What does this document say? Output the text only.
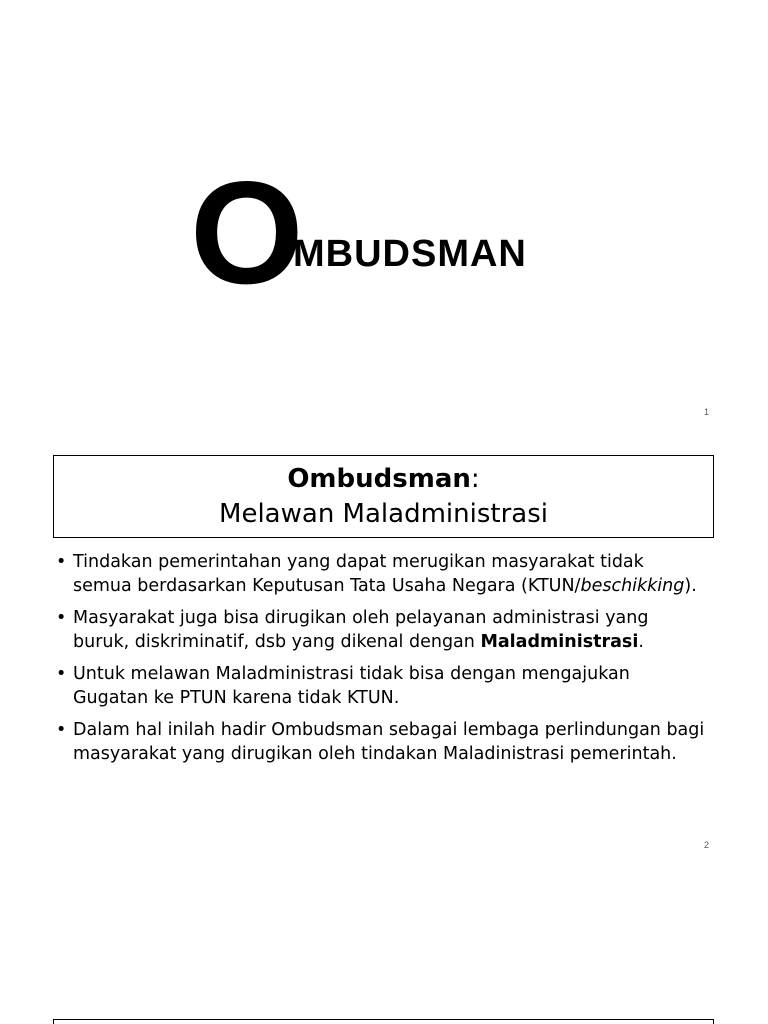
O
MBUDSMAN
1
Ombudsman:
Melawan Maladministrasi
• Tindakan pemerintahan yang dapat merugikan masyarakat tidak semua berdasarkan Keputusan Tata Usaha Negara (KTUN/beschikking).
• Masyarakat juga bisa dirugikan oleh pelayanan administrasi yang buruk, diskriminatif, dsb yang dikenal dengan Maladministrasi.
• Untuk melawan Maladministrasi tidak bisa dengan mengajukan Gugatan ke PTUN karena tidak KTUN.
• Dalam hal inilah hadir Ombudsman sebagai lembaga perlindungan bagi masyarakat yang dirugikan oleh tindakan Maladinistrasi pemerintah.
2
